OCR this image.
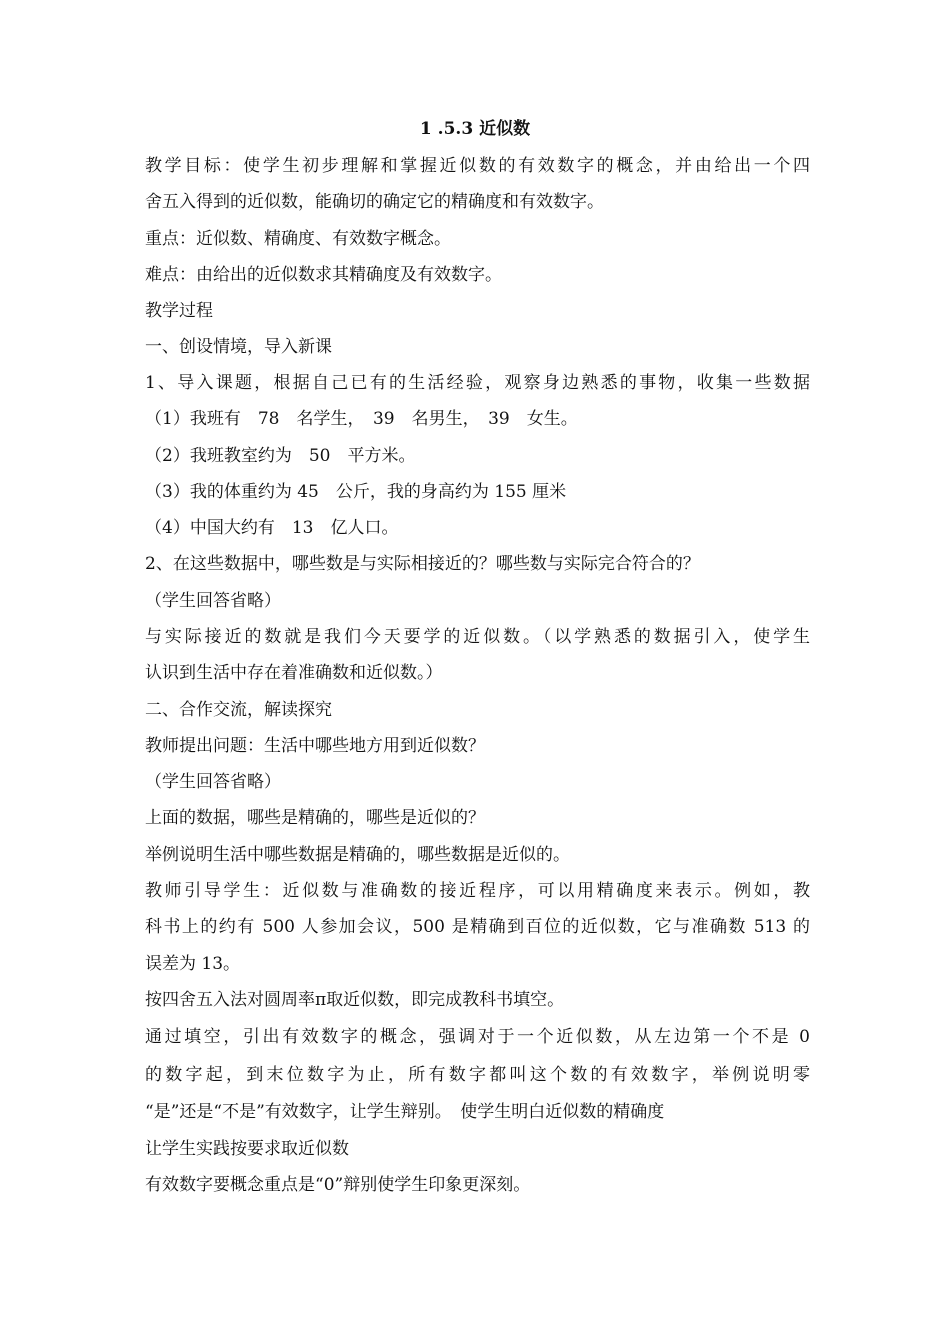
1 .5.3 近似数
教学目标：使学生初步理解和掌握近似数的有效数字的概念，并由给出一个四
舍五入得到的近似数，能确切的确定它的精确度和有效数字。
重点：近似数、精确度、有效数字概念。
难点：由给出的近似数求其精确度及有效数字。
教学过程
一、创设情境，导入新课
1、导入课题，根据自己已有的生活经验，观察身边熟悉的事物，收集一些数据
（1）我班有　78　名学生，　39　名男生，　39　女生。
（2）我班教室约为　50　平方米。
（3）我的体重约为 45　公斤，我的身高约为 155 厘米
（4）中国大约有　13　亿人口。
2、在这些数据中，哪些数是与实际相接近的？哪些数与实际完合符合的？
（学生回答省略）
与实际接近的数就是我们今天要学的近似数。（以学熟悉的数据引入，使学生
认识到生活中存在着准确数和近似数。）
二、合作交流，解读探究
教师提出问题：生活中哪些地方用到近似数？
（学生回答省略）
上面的数据，哪些是精确的，哪些是近似的？
举例说明生活中哪些数据是精确的，哪些数据是近似的。
教师引导学生：近似数与准确数的接近程序，可以用精确度来表示。例如，教
科书上的约有 500 人参加会议，500 是精确到百位的近似数，它与准确数 513 的
误差为 13。
按四舍五入法对圆周率π取近似数，即完成教科书填空。
通过填空，引出有效数字的概念，强调对于一个近似数，从左边第一个不是 0
的数字起，到末位数字为止，所有数字都叫这个数的有效数字，举例说明零
“是”还是“不是”有效数字，让学生辩别。　使学生明白近似数的精确度
让学生实践按要求取近似数
有效数字要概念重点是“0”辩别使学生印象更深刻。
